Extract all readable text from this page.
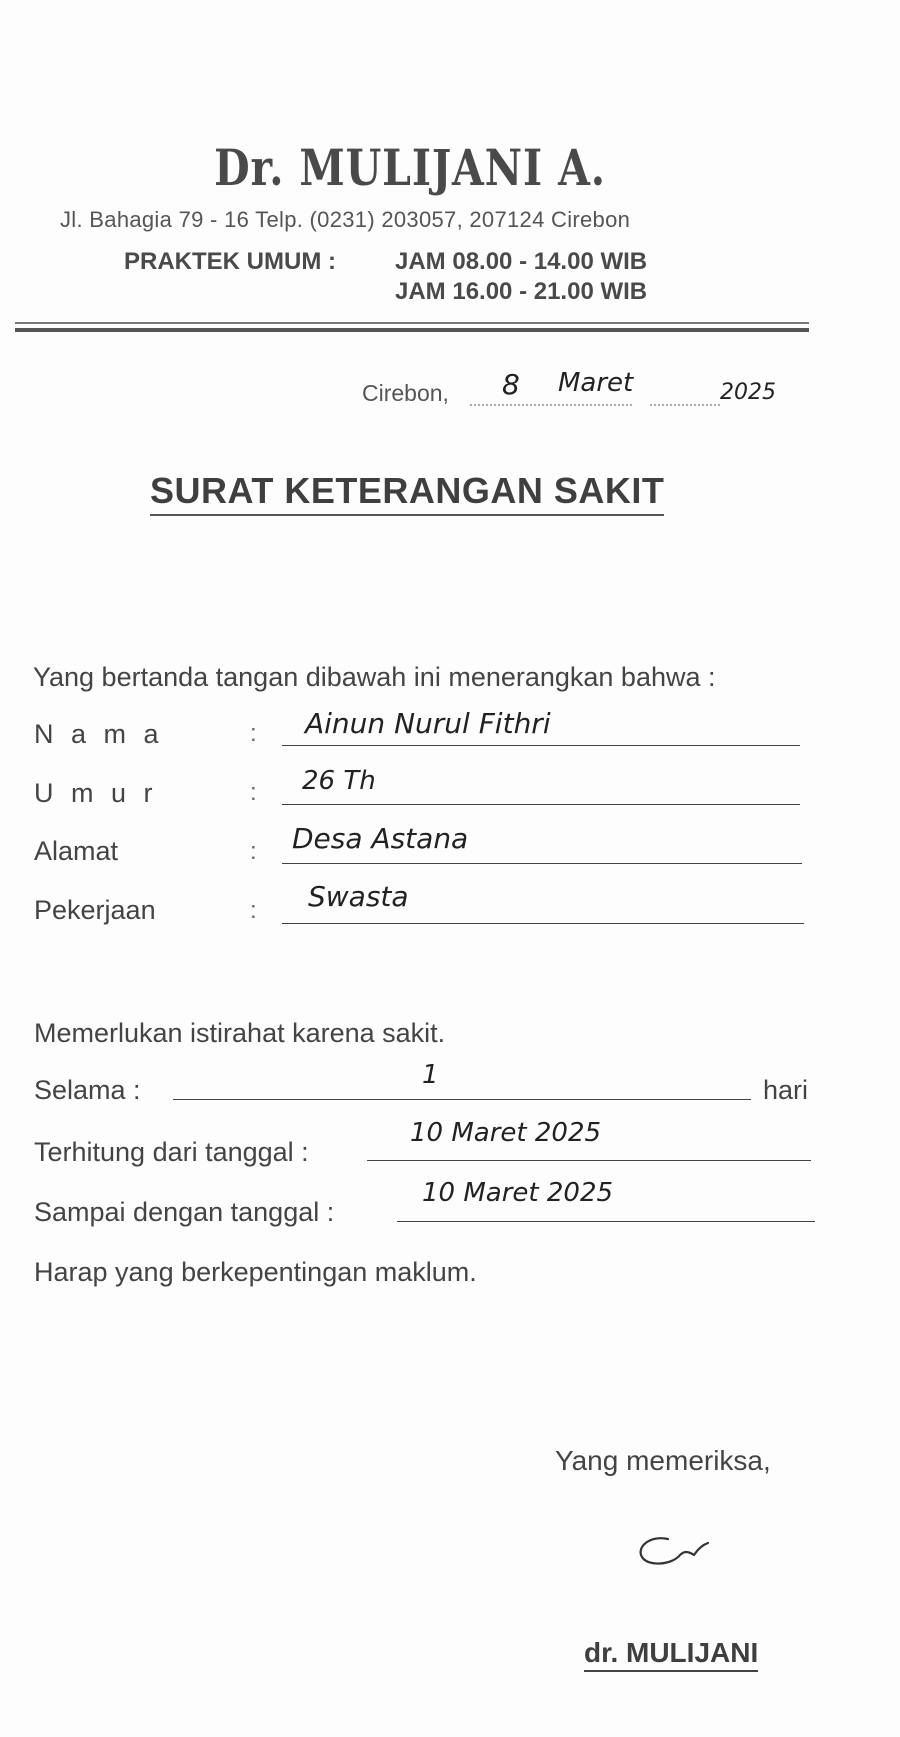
Dr. MULIJANI A.
Jl. Bahagia 79 - 16 Telp. (0231) 203057, 207124 Cirebon
PRAKTEK UMUM : JAM 08.00 - 14.00 WIB
JAM 16.00 - 21.00 WIB
Cirebon, 8 Maret	2025
SURAT KETERANGAN SAKIT
Yang bertanda tangan dibawah ini menerangkan bahwa :
N a m a	: Ainun Nurul Fithri
U m u r	: 26 Th
Alamat	: Desa Astana
Pekerjaan	: Swasta
Memerlukan istirahat karena sakit.
Selama :	1	hari
Terhitung dari tanggal :
10 Maret 2025
Sampai dengan tanggal :
10 Maret 2025
Harap yang berkepentingan maklum.
Yang memeriksa,
dr. MULIJANI
